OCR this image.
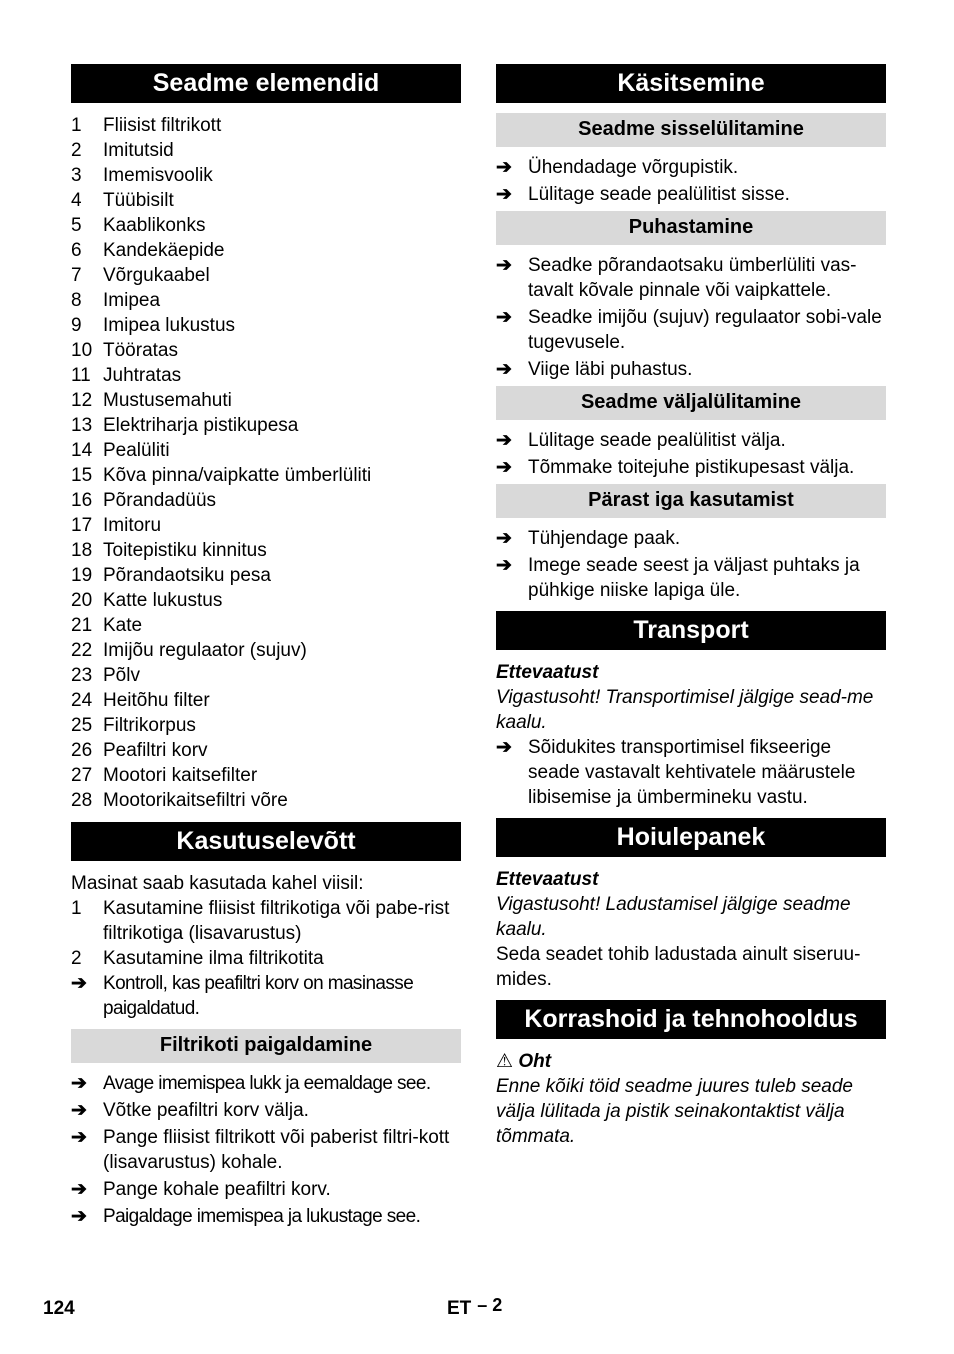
Seadme elemendid
1	Fliisist filtrikott
2	Imitutsid
3	Imemisvoolik
4	Tüübisilt
5	Kaablikonks
6	Kandekäepide
7	Võrgukaabel
8	Imipea
9	Imipea lukustus
10 Tööratas
11 Juhtratas
12 Mustusemahuti
13 Elektriharja pistikupesa
14 Pealüliti
15 Kõva pinna/vaipkatte ümberlüliti
16 Põrandadüüs
17 Imitoru
18 Toitepistiku kinnitus
19 Põrandaotsiku pesa
20 Katte lukustus
21 Kate
22 Imijõu regulaator (sujuv)
23 Põlv
24 Heitõhu filter
25 Filtrikorpus
26 Peafiltri korv
27 Mootori kaitsefilter
28 Mootorikaitsefiltri võre
Kasutuselevõtt

Masinat saab kasutada kahel viisil:

1	Kasutamine fliisist filtrikotiga või pabe-rist filtrikotiga (lisavarustus)
2	Kasutamine ilma filtrikotita
➔ Kontroll, kas peafiltri korv on masinasse paigaldatud.
Filtrikoti paigaldamine
➔ Avage imemispea lukk ja eemaldage see.
➔ Võtke peafiltri korv välja.
➔ Pange fliisist filtrikott või paberist filtri-kott (lisavarustus) kohale.
➔ Pange kohale peafiltri korv.
➔ Paigaldage imemispea ja lukustage see.
Käsitsemine
Seadme sisselülitamine
➔ Ühendadage võrgupistik.
➔ Lülitage seade pealülitist sisse.
Puhastamine
➔ Seadke põrandaotsaku ümberlüliti vas-tavalt kõvale pinnale või vaipkattele.
➔ Seadke imijõu (sujuv) regulaator sobi-vale tugevusele.
➔ Viige läbi puhastus.
Seadme väljalülitamine
➔ Lülitage seade pealülitist välja.
➔ Tõmmake toitejuhe pistikupesast välja.
Pärast iga kasutamist
➔ Tühjendage paak.
➔ Imege seade seest ja väljast puhtaks ja pühkige niiske lapiga üle.
Transport

Ettevaatust

Vigastusoht! Transportimisel jälgige sead-me kaalu.

➔ Sõidukites transportimisel fikseerige seade vastavalt kehtivatele määrustele libisemise ja ümbermineku vastu.
Hoiulepanek

Ettevaatust

Vigastusoht! Ladustamisel jälgige seadme kaalu.

Seda seadet tohib ladustada ainult siseruu-mides.

Korrashoid ja tehnohooldus

⚠ Oht

Enne kõiki töid seadme juures tuleb seade välja lülitada ja pistik seinakontaktist välja tõmmata.

124	ET – 2
